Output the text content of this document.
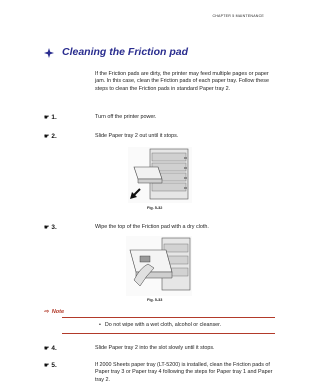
CHAPTER 5 MAINTENANCE
Cleaning the Friction pad
If the Friction pads are dirty, the printer may feed multiple pages or paper jam. In this case, clean the Friction pads of each paper tray. Follow these steps to clean the Friction pads in standard Paper tray 2.
☛ 1.	Turn off the printer power.
☛ 2.	Slide Paper tray 2 out until it stops.
Fig. 5-32
☛ 3.	Wipe the top of the Friction pad with a dry cloth.
Fig. 5-33
⇨ Note
• Do not wipe with a wet cloth, alcohol or cleanser.
☛ 4.	Slide Paper tray 2 into the slot slowly until it stops.
☛ 5.	If 2000 Sheets paper tray (LT-5200) is installed, clean the Friction pads of Paper tray 3 or Paper tray 4 following the steps for Paper tray 1 and Paper tray 2.
